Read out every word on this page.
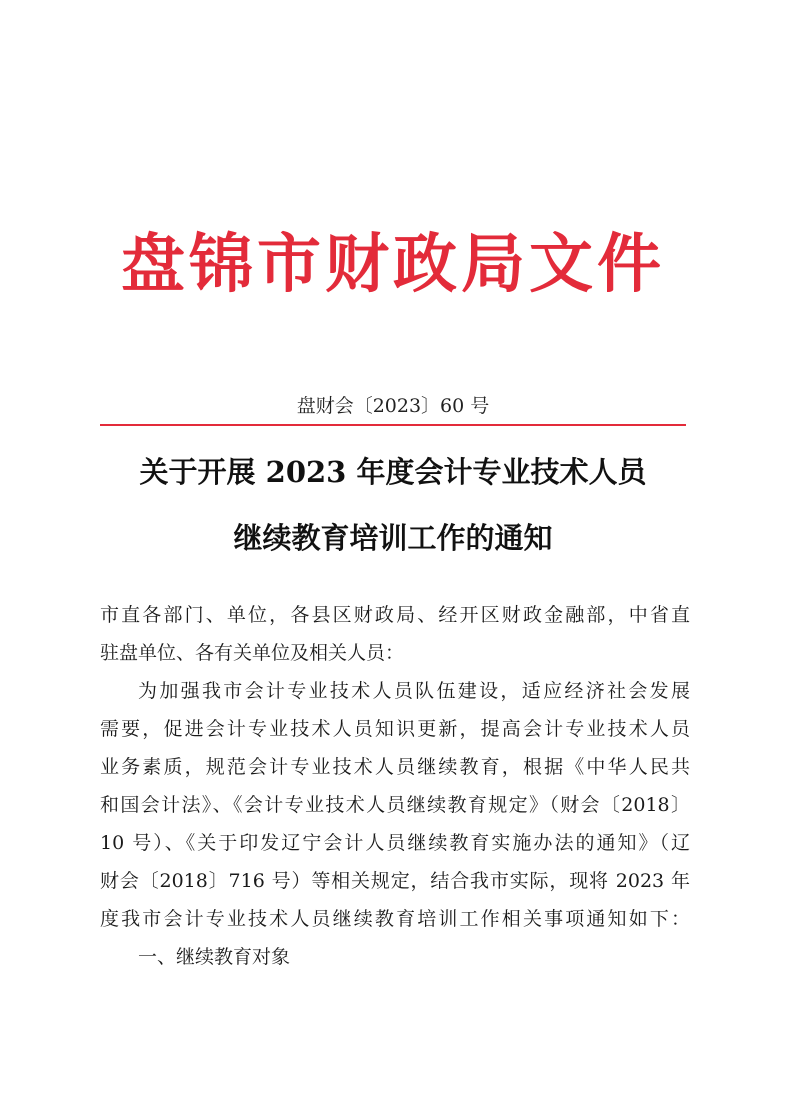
盘锦市财政局文件
盘财会〔2023〕60 号
关于开展 2023 年度会计专业技术人员
继续教育培训工作的通知
市直各部门、单位，各县区财政局、经开区财政金融部，中省直
驻盘单位、各有关单位及相关人员：
为加强我市会计专业技术人员队伍建设，适应经济社会发展
需要，促进会计专业技术人员知识更新，提高会计专业技术人员
业务素质，规范会计专业技术人员继续教育，根据《中华人民共
和国会计法》、《会计专业技术人员继续教育规定》（财会〔2018〕
10 号）、《关于印发辽宁会计人员继续教育实施办法的通知》（辽
财会〔2018〕716 号）等相关规定，结合我市实际，现将 2023 年
度我市会计专业技术人员继续教育培训工作相关事项通知如下：
一、继续教育对象
